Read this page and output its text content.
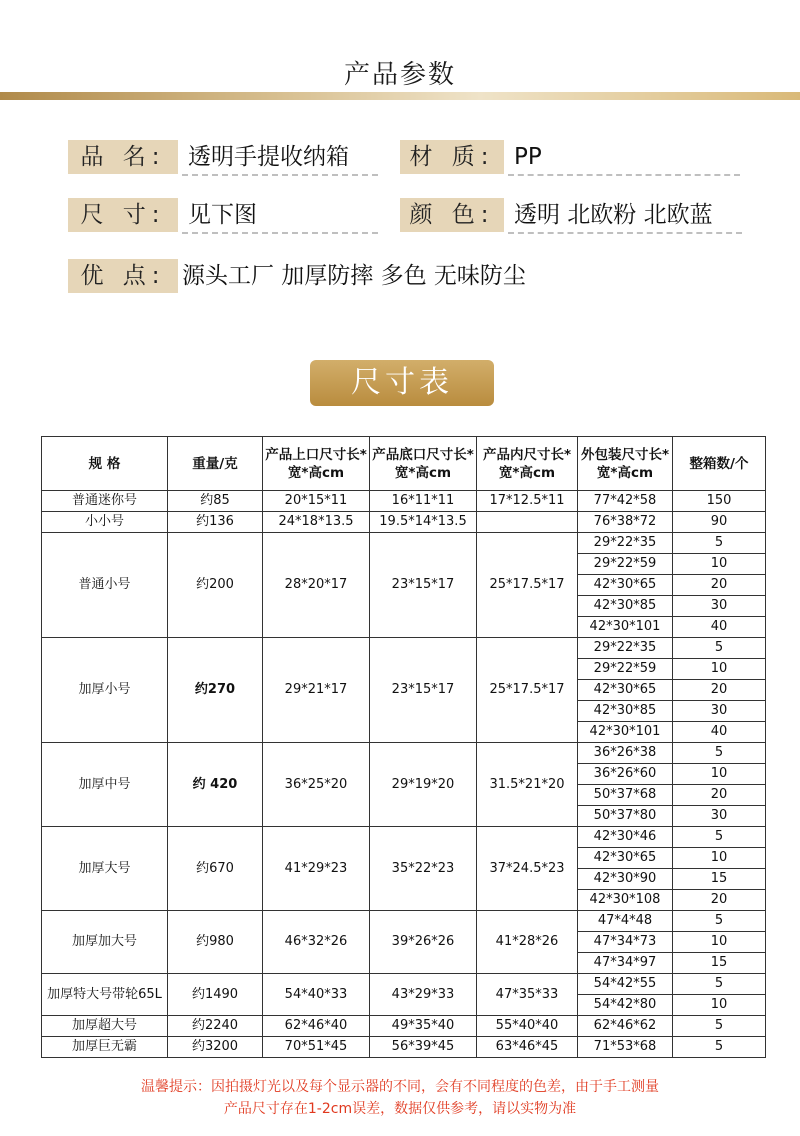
产品参数
品 名: 透明手提收纳箱	材 质: PP
尺 寸: 见下图	颜 色: 透明 北欧粉 北欧蓝
优 点: 源头工厂 加厚防摔 多色 无味防尘
尺寸表
规 格	重量/克	产品上口尺寸长*宽*高cm	产品底口尺寸长*宽*高cm	产品内尺寸长*宽*高cm	外包装尺寸长*宽*高cm	整箱数/个
普通迷你号	约85	20*15*11	16*11*11	17*12.5*11	77*42*58	150
小小号	约136	24*18*13.5	19.5*14*13.5		76*38*72	90
普通小号	约200	28*20*17	23*15*17	25*17.5*17	29*22*35	5
					29*22*59	10
					42*30*65	20
					42*30*85	30
					42*30*101	40
加厚小号	约270	29*21*17	23*15*17	25*17.5*17	29*22*35	5
					29*22*59	10
					42*30*65	20
					42*30*85	30
					42*30*101	40
加厚中号	约 420	36*25*20	29*19*20	31.5*21*20	36*26*38	5
					36*26*60	10
					50*37*68	20
					50*37*80	30
加厚大号	约670	41*29*23	35*22*23	37*24.5*23	42*30*46	5
					42*30*65	10
					42*30*90	15
					42*30*108	20
加厚加大号	约980	46*32*26	39*26*26	41*28*26	47*4*48	5
					47*34*73	10
					47*34*97	15
加厚特大号带轮65L	约1490	54*40*33	43*29*33	47*35*33	54*42*55	5
					54*42*80	10
加厚超大号	约2240	62*46*40	49*35*40	55*40*40	62*46*62	5
加厚巨无霸	约3200	70*51*45	56*39*45	63*46*45	71*53*68	5
温馨提示：因拍摄灯光以及每个显示器的不同，会有不同程度的色差，由于手工测量
产品尺寸存在1-2cm误差，数据仅供参考，请以实物为准
